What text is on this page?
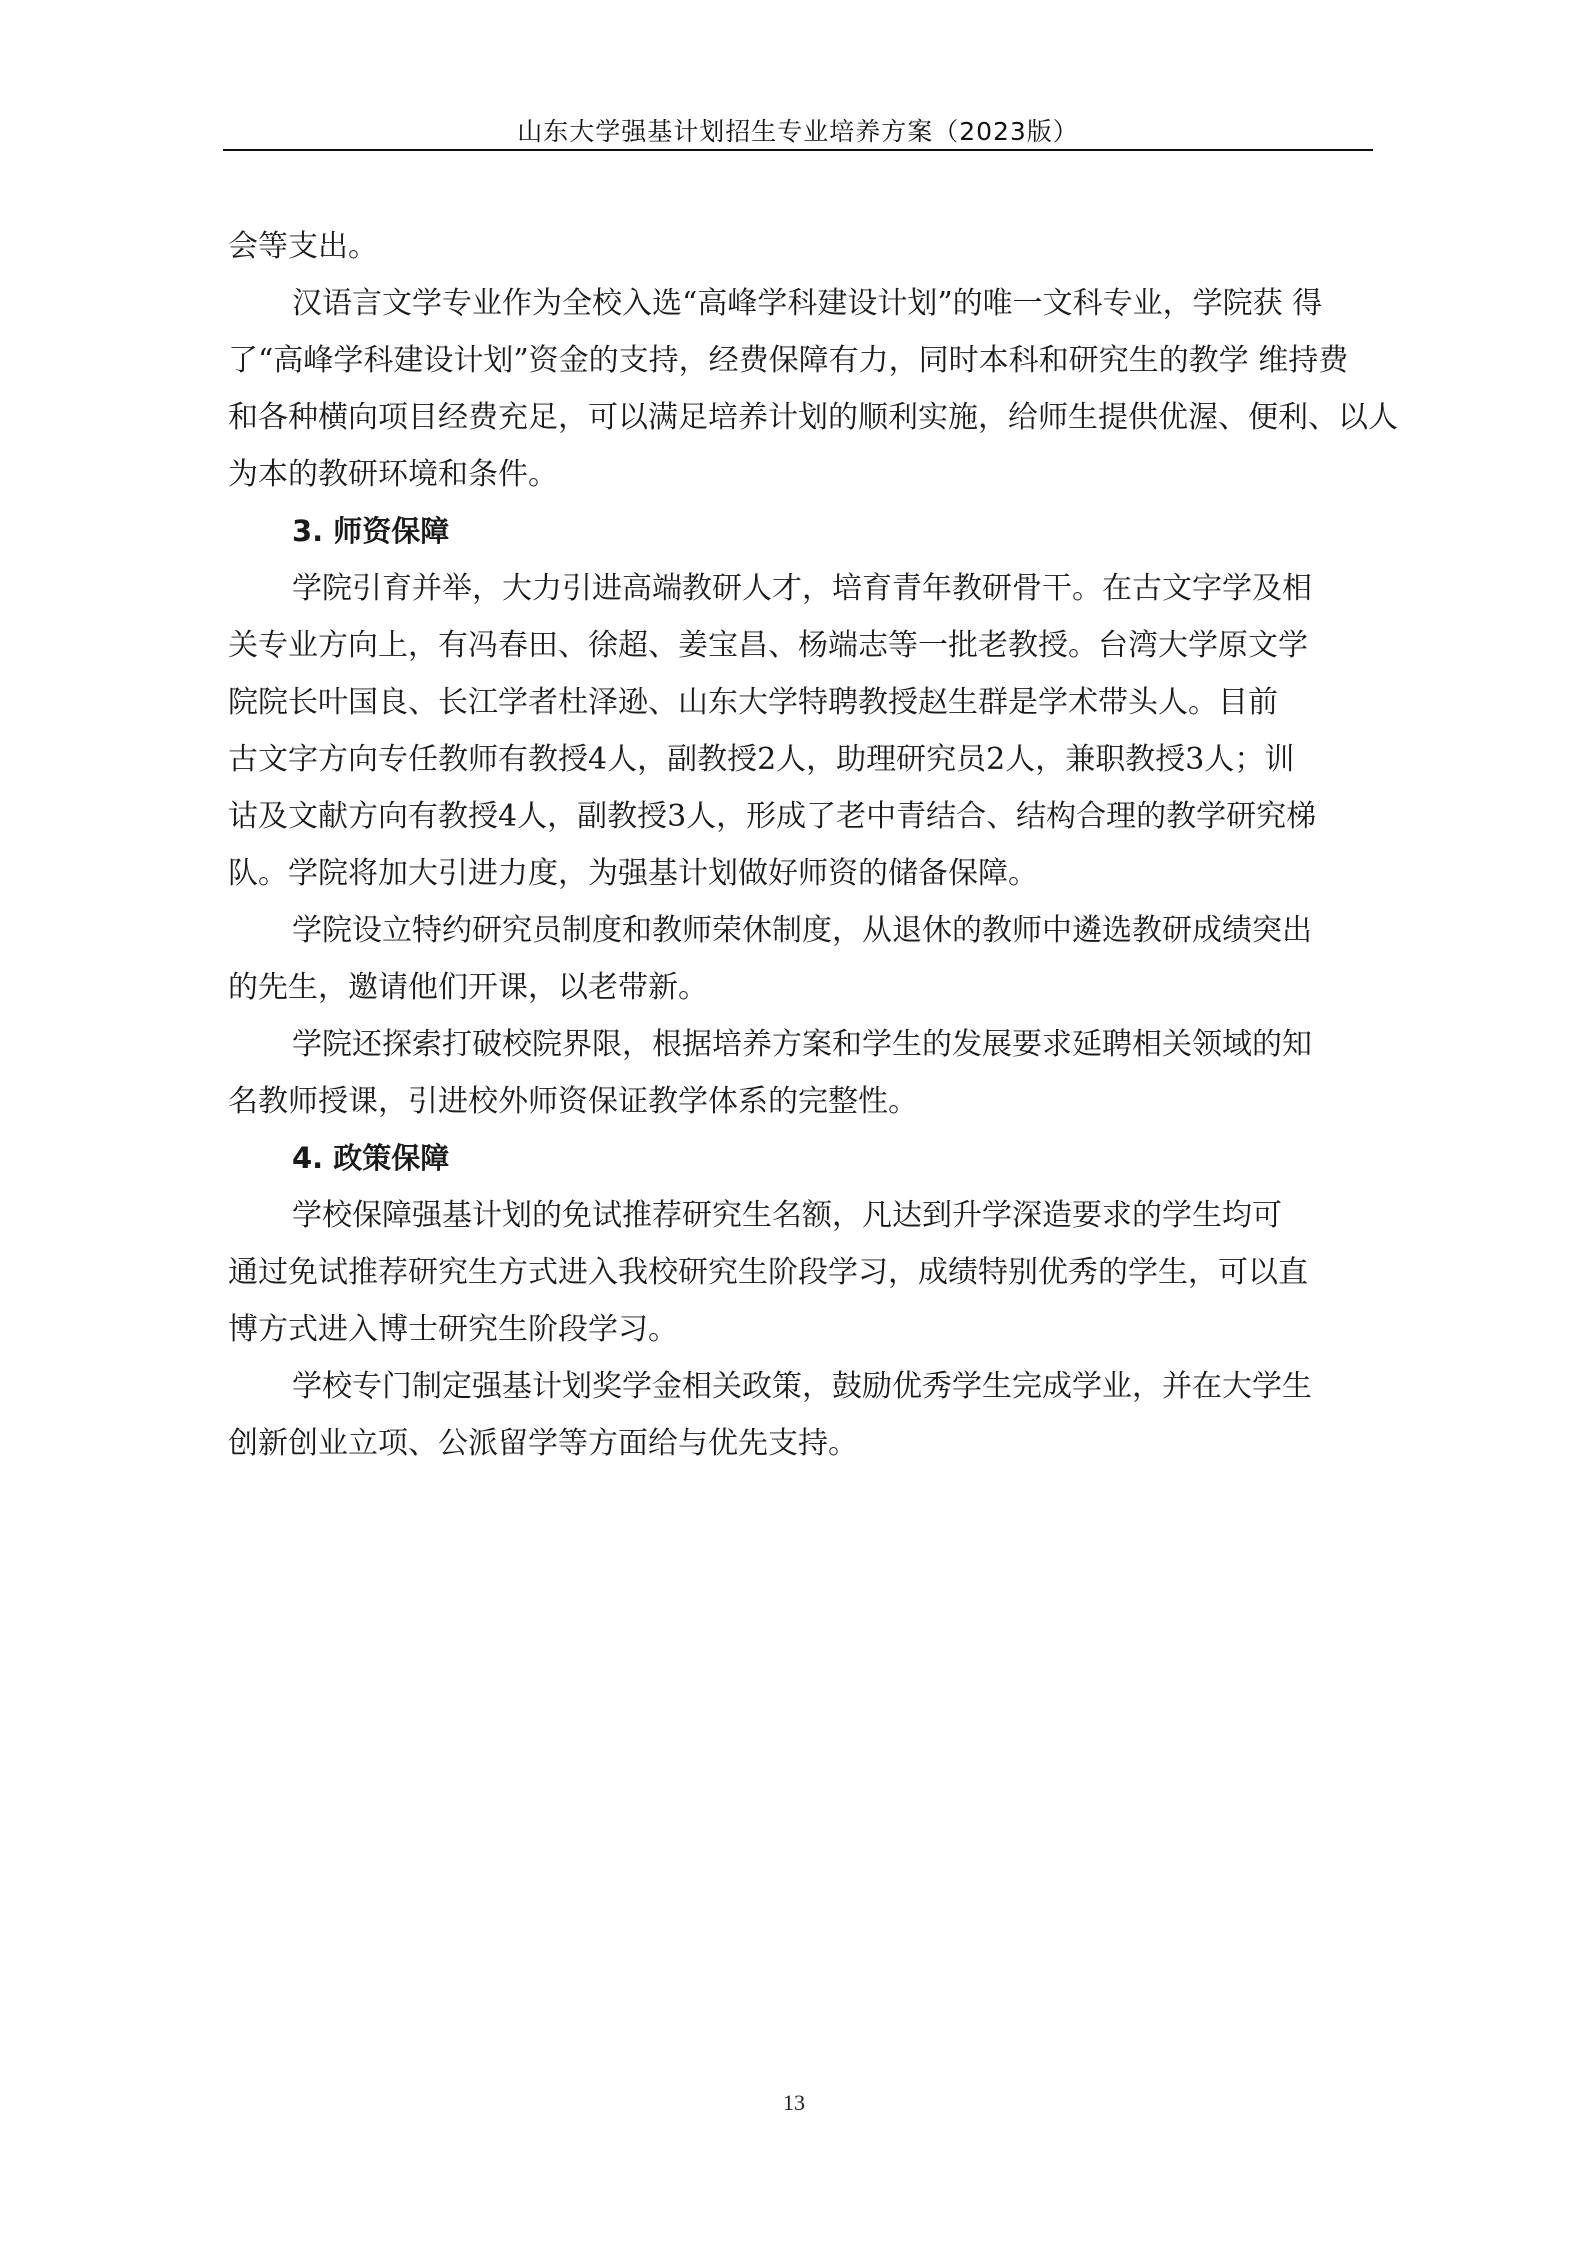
山东大学强基计划招生专业培养方案（2023版）
会等支出。
汉语言文学专业作为全校入选“高峰学科建设计划”的唯一文科专业，学院获 得
了“高峰学科建设计划”资金的支持，经费保障有力，同时本科和研究生的教学 维持费
和各种横向项目经费充足，可以满足培养计划的顺利实施，给师生提供优渥、便利、以人
为本的教研环境和条件。
3. 师资保障
学院引育并举，大力引进高端教研人才，培育青年教研骨干。在古文字学及相
关专业方向上，有冯春田、徐超、姜宝昌、杨端志等一批老教授。台湾大学原文学
院院长叶国良、长江学者杜泽逊、山东大学特聘教授赵生群是学术带头人。目前
古文字方向专任教师有教授4人，副教授2人，助理研究员2人，兼职教授3人；训
诂及文献方向有教授4人，副教授3人，形成了老中青结合、结构合理的教学研究梯
队。学院将加大引进力度，为强基计划做好师资的储备保障。
学院设立特约研究员制度和教师荣休制度，从退休的教师中遴选教研成绩突出
的先生，邀请他们开课，以老带新。
学院还探索打破校院界限，根据培养方案和学生的发展要求延聘相关领域的知
名教师授课，引进校外师资保证教学体系的完整性。
4. 政策保障
学校保障强基计划的免试推荐研究生名额，凡达到升学深造要求的学生均可
通过免试推荐研究生方式进入我校研究生阶段学习，成绩特别优秀的学生，可以直
博方式进入博士研究生阶段学习。
学校专门制定强基计划奖学金相关政策，鼓励优秀学生完成学业，并在大学生
创新创业立项、公派留学等方面给与优先支持。
13
